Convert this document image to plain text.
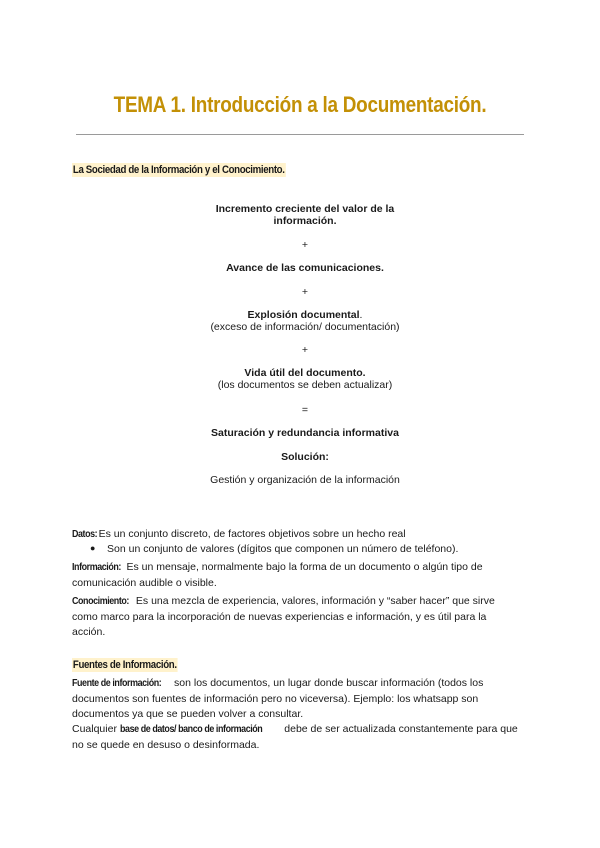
TEMA 1. Introducción a la Documentación.
La Sociedad de la Información y el Conocimiento.
Incremento creciente del valor de la
información.
+
Avance de las comunicaciones.
+
Explosión documental.
(exceso de información/ documentación)
+
Vida útil del documento.
(los documentos se deben actualizar)
=
Saturación y redundancia informativa
Solución:
Gestión y organización de la información
Datos: Es un conjunto discreto, de factores objetivos sobre un hecho real
● Son un conjunto de valores (dígitos que componen un número de teléfono).
Información: Es un mensaje, normalmente bajo la forma de un documento o algún tipo de comunicación audible o visible.
Conocimiento: Es una mezcla de experiencia, valores, información y “saber hacer” que sirve como marco para la incorporación de nuevas experiencias e información, y es útil para la acción.
Fuentes de Información.
Fuente de información: son los documentos, un lugar donde buscar información (todos los documentos son fuentes de información pero no viceversa). Ejemplo: los whatsapp son documentos ya que se pueden volver a consultar.
Cualquier base de datos/ banco de información debe de ser actualizada constantemente para que no se quede en desuso o desinformada.
